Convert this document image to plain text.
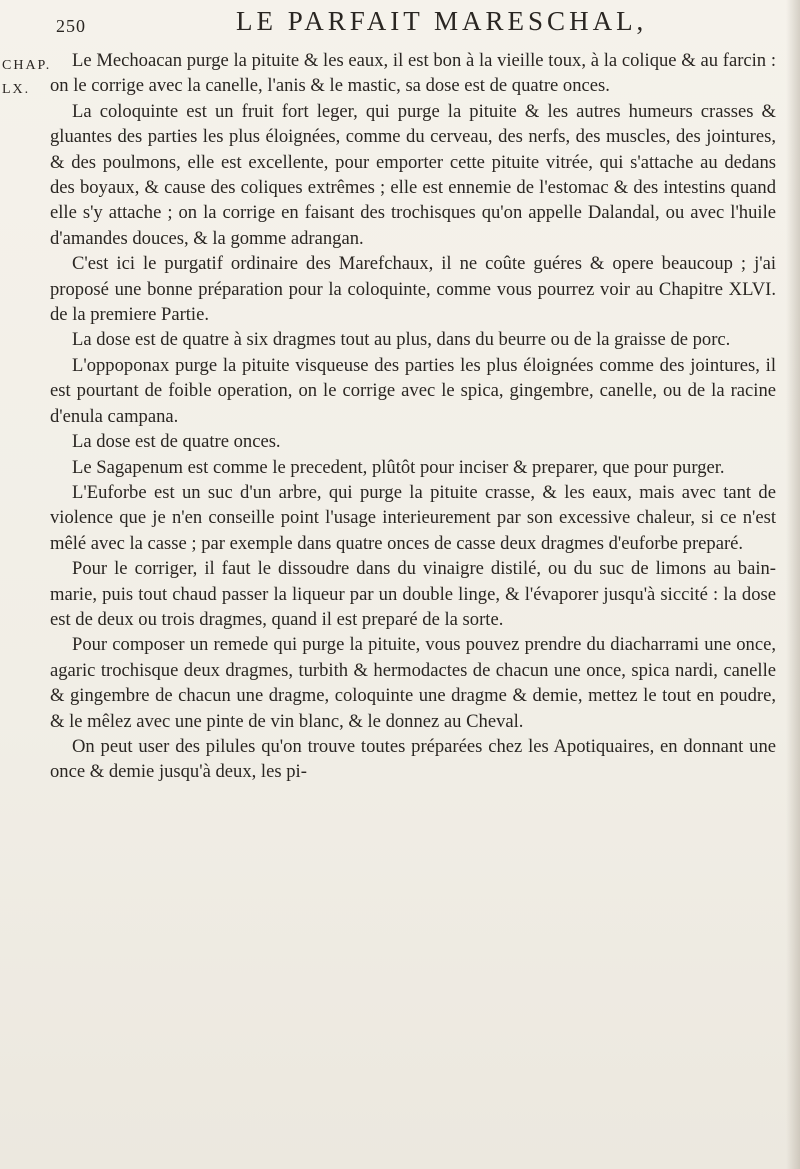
250	LE PARFAIT MARESCHAL,
CHAP.
LX.

Le Mechoacan purge la pituite & les eaux, il est bon à la vieille toux, à la colique & au farcin : on le corrige avec la canelle, l'anis & le mastic, sa dose est de quatre onces.

La coloquinte est un fruit fort leger, qui purge la pituite & les autres humeurs crasses & gluantes des parties les plus éloignées, comme du cerveau, des nerfs, des muscles, des jointures, & des poulmons, elle est excellente, pour emporter cette pituite vitrée, qui s'attache au dedans des boyaux, & cause des coliques extrêmes ; elle est ennemie de l'estomac & des intestins quand elle s'y attache ; on la corrige en faisant des trochisques qu'on appelle Dalandal, ou avec l'huile d'amandes douces, & la gomme adrangan.

C'est ici le purgatif ordinaire des Marefchaux, il ne coûte guéres & opere beaucoup ; j'ai proposé une bonne préparation pour la coloquinte, comme vous pourrez voir au Chapitre XLVI. de la premiere Partie.

La dose est de quatre à six dragmes tout au plus, dans du beurre ou de la graisse de porc.

L'oppoponax purge la pituite visqueuse des parties les plus éloignées comme des jointures, il est pourtant de foible operation, on le corrige avec le spica, gingembre, canelle, ou de la racine d'enula campana.

La dose est de quatre onces.

Le Sagapenum est comme le precedent, plûtôt pour inciser & preparer, que pour purger.

L'Euforbe est un suc d'un arbre, qui purge la pituite crasse, & les eaux, mais avec tant de violence que je n'en conseille point l'usage interieurement par son excessive chaleur, si ce n'est mêlé avec la casse ; par exemple dans quatre onces de casse deux dragmes d'euforbe preparé.

Pour le corriger, il faut le dissoudre dans du vinaigre distilé, ou du suc de limons au bain-marie, puis tout chaud passer la liqueur par un double linge, & l'évaporer jusqu'à siccité : la dose est de deux ou trois dragmes, quand il est preparé de la sorte.

Pour composer un remede qui purge la pituite, vous pouvez prendre du diacharrami une once, agaric trochisque deux dragmes, turbith & hermodactes de chacun une once, spica nardi, canelle & gingembre de chacun une dragme, coloquinte une dragme & demie, mettez le tout en poudre, & le mêlez avec une pinte de vin blanc, & le donnez au Cheval.

On peut user des pilules qu'on trouve toutes préparées chez les Apotiquaires, en donnant une once & demie jusqu'à deux, les pi-
